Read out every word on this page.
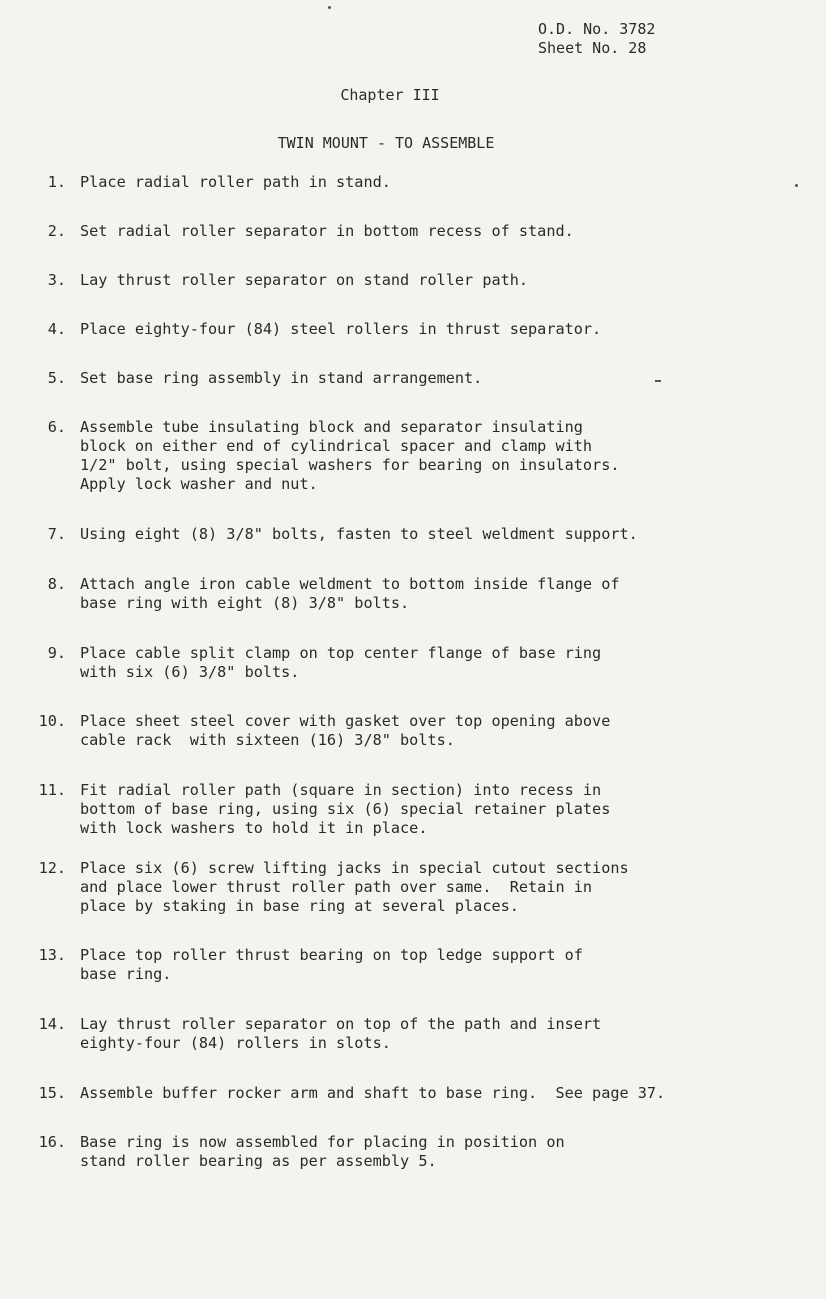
O.D. No. 3782
Sheet No. 28
Chapter III
TWIN MOUNT - TO ASSEMBLE
1. Place radial roller path in stand.
2. Set radial roller separator in bottom recess of stand.
3. Lay thrust roller separator on stand roller path.
4. Place eighty-four (84) steel rollers in thrust separator.
5. Set base ring assembly in stand arrangement.
6. Assemble tube insulating block and separator insulating
block on either end of cylindrical spacer and clamp with
1/2" bolt, using special washers for bearing on insulators.
Apply lock washer and nut.
7. Using eight (8) 3/8" bolts, fasten to steel weldment support.
8. Attach angle iron cable weldment to bottom inside flange of
base ring with eight (8) 3/8" bolts.
9. Place cable split clamp on top center flange of base ring
with six (6) 3/8" bolts.
10. Place sheet steel cover with gasket over top opening above
cable rack  with sixteen (16) 3/8" bolts.
11. Fit radial roller path (square in section) into recess in
bottom of base ring, using six (6) special retainer plates
with lock washers to hold it in place.
12. Place six (6) screw lifting jacks in special cutout sections
and place lower thrust roller path over same.  Retain in
place by staking in base ring at several places.
13. Place top roller thrust bearing on top ledge support of
base ring.
14. Lay thrust roller separator on top of the path and insert
eighty-four (84) rollers in slots.
15. Assemble buffer rocker arm and shaft to base ring.  See page 37.
16. Base ring is now assembled for placing in position on
stand roller bearing as per assembly 5.
